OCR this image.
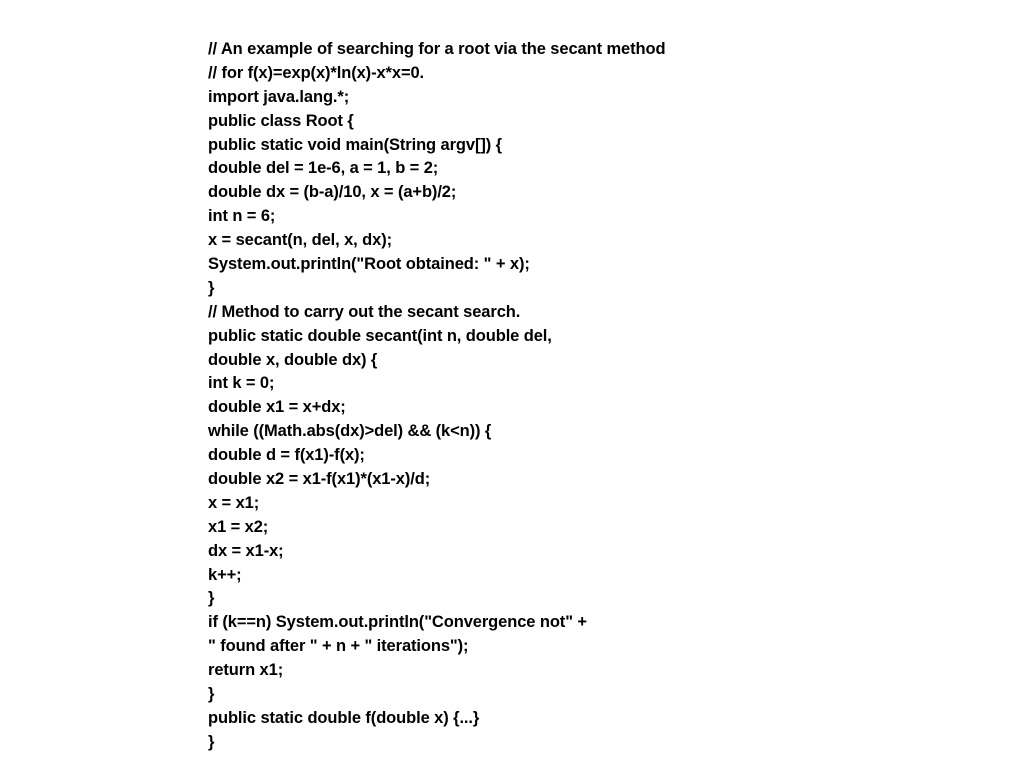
// An example of searching for a root via the secant method
// for f(x)=exp(x)*ln(x)-x*x=0.
import java.lang.*;
public class Root {
public static void main(String argv[]) {
double del = 1e-6, a = 1, b = 2;
double dx = (b-a)/10, x = (a+b)/2;
int n = 6;
x = secant(n, del, x, dx);
System.out.println("Root obtained: " + x);
}
// Method to carry out the secant search.
public static double secant(int n, double del,
double x, double dx) {
int k = 0;
double x1 = x+dx;
while ((Math.abs(dx)>del) && (k<n)) {
double d = f(x1)-f(x);
double x2 = x1-f(x1)*(x1-x)/d;
x = x1;
x1 = x2;
dx = x1-x;
k++;
}
if (k==n) System.out.println("Convergence not" +
" found after " + n + " iterations");
return x1;
}
public static double f(double x) {...}
}
